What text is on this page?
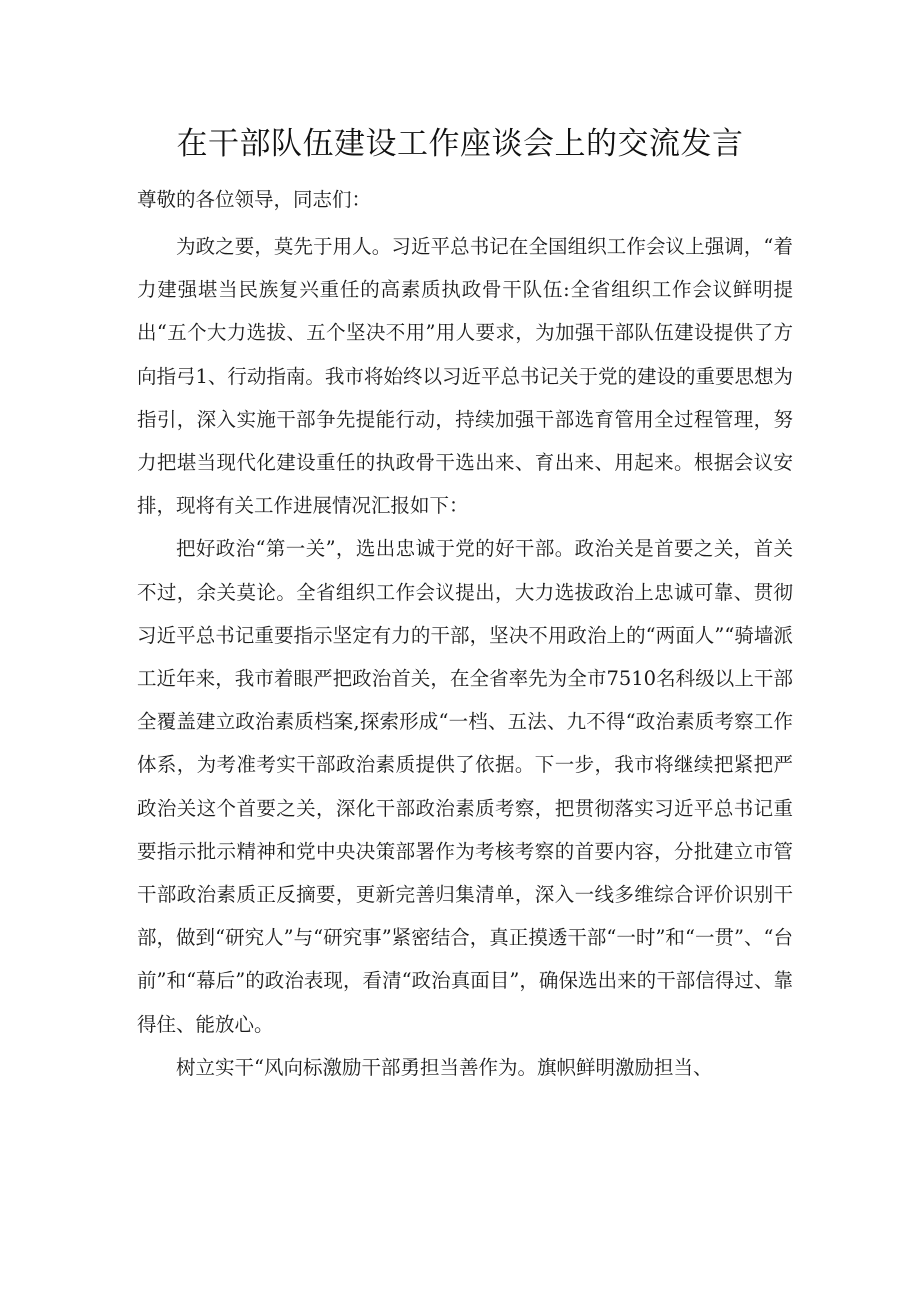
在干部队伍建设工作座谈会上的交流发言

尊敬的各位领导，同志们：

为政之要，莫先于用人。习近平总书记在全国组织工作会议上强调，“着力建强堪当民族复兴重任的高素质执政骨干队伍:全省组织工作会议鲜明提出“五个大力选拔、五个坚决不用”用人要求，为加强干部队伍建设提供了方向指弓1、行动指南。我市将始终以习近平总书记关于党的建设的重要思想为指引，深入实施干部争先提能行动，持续加强干部选育管用全过程管理，努力把堪当现代化建设重任的执政骨干选出来、育出来、用起来。根据会议安排，现将有关工作进展情况汇报如下：

把好政治“第一关”，选出忠诚于党的好干部。政治关是首要之关，首关不过，余关莫论。全省组织工作会议提出，大力选拔政治上忠诚可靠、贯彻习近平总书记重要指示坚定有力的干部，坚决不用政治上的“两面人”“骑墙派工近年来，我市着眼严把政治首关，在全省率先为全市7510名科级以上干部全覆盖建立政治素质档案,探索形成“一档、五法、九不得“政治素质考察工作体系，为考准考实干部政治素质提供了依据。下一步，我市将继续把紧把严政治关这个首要之关，深化干部政治素质考察，把贯彻落实习近平总书记重要指示批示精神和党中央决策部署作为考核考察的首要内容，分批建立市管干部政治素质正反摘要，更新完善归集清单，深入一线多维综合评价识别干部，做到“研究人”与“研究事”紧密结合，真正摸透干部“一时”和“一贯”、“台前”和“幕后”的政治表现，看清“政治真面目”，确保选出来的干部信得过、靠得住、能放心。

树立实干“风向标激励干部勇担当善作为。旗帜鲜明激励担当、
